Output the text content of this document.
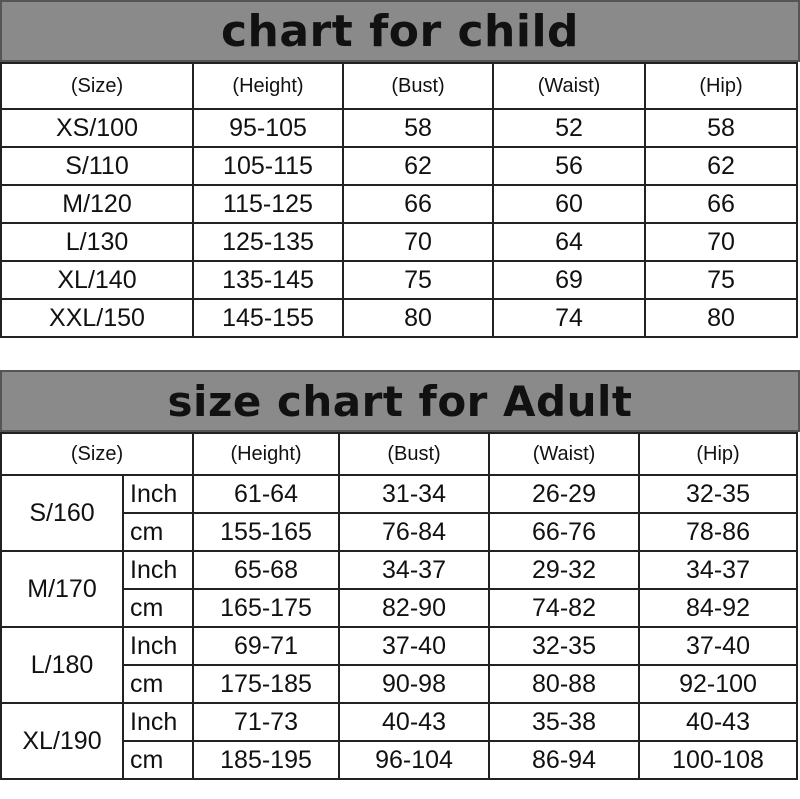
chart for child
(Size)	(Height)	(Bust)	(Waist)	(Hip)
XS/100	95-105	58	52	58
S/110	105-115	62	56	62
M/120	115-125	66	60	66
L/130	125-135	70	64	70
XL/140	135-145	75	69	75
XXL/150	145-155	80	74	80
size chart for Adult
(Size)		(Height)	(Bust)	(Waist)	(Hip)
S/160	Inch	61-64	31-34	26-29	32-35
	cm	155-165	76-84	66-76	78-86
M/170	Inch	65-68	34-37	29-32	34-37
	cm	165-175	82-90	74-82	84-92
L/180	Inch	69-71	37-40	32-35	37-40
	cm	175-185	90-98	80-88	92-100
XL/190	Inch	71-73	40-43	35-38	40-43
	cm	185-195	96-104	86-94	100-108
